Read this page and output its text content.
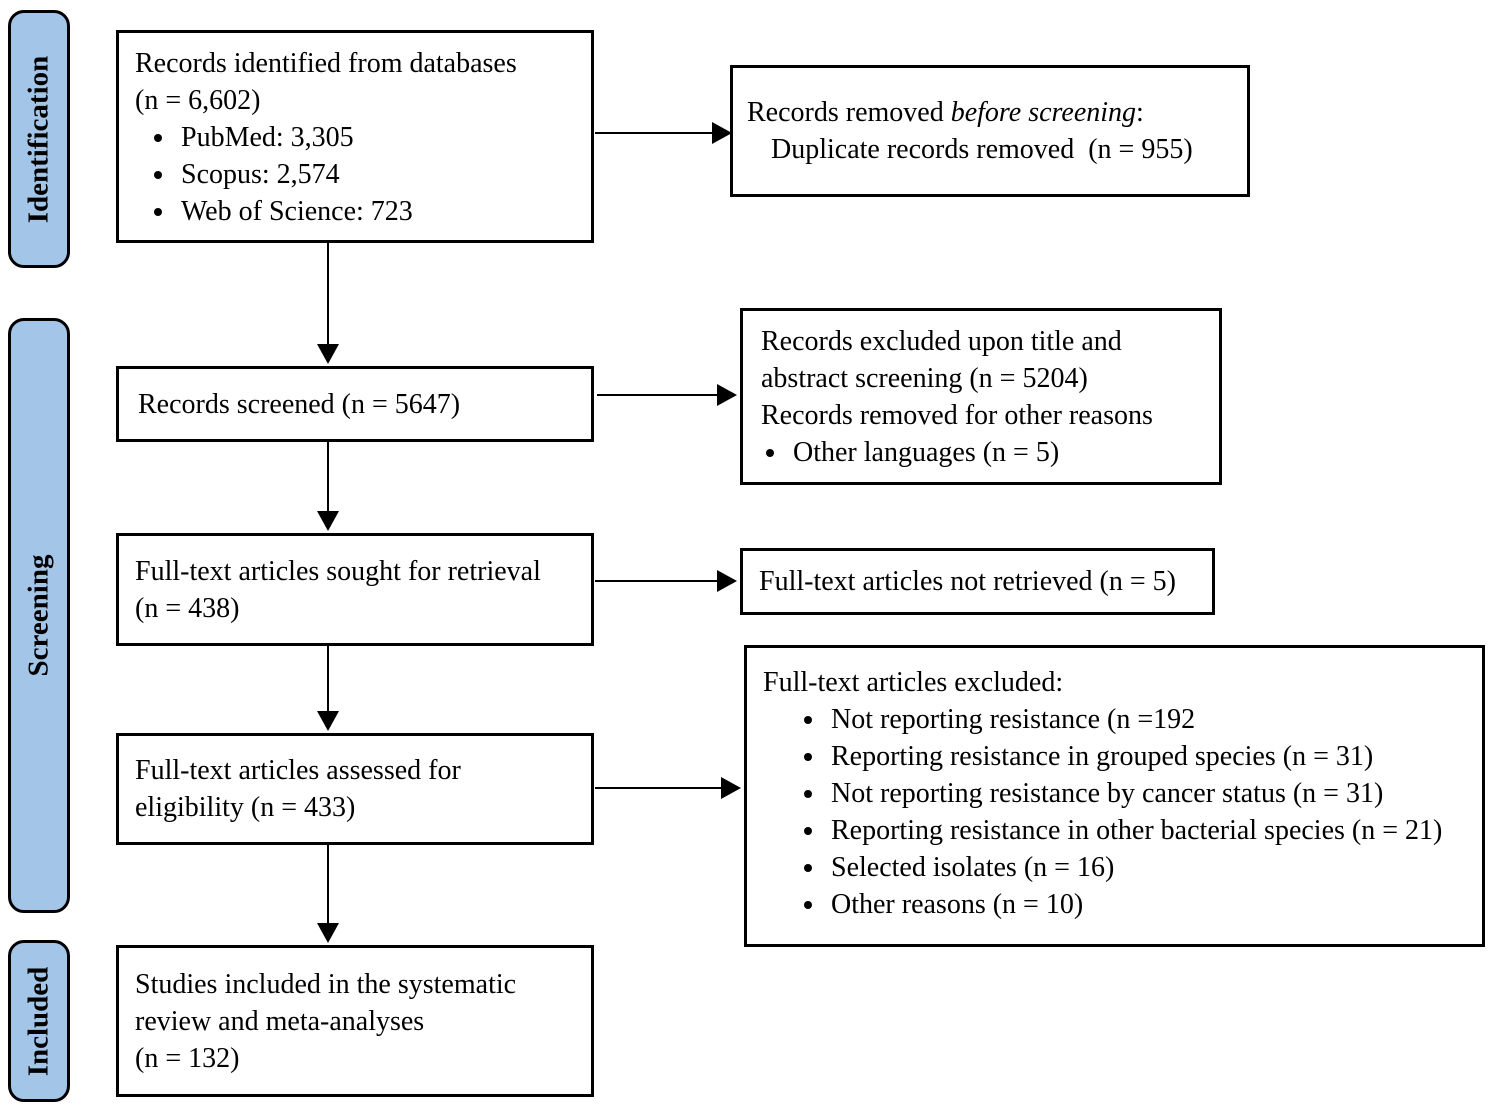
Identification
Screening
Included
Records identified from databases
(n = 6,602)
• PubMed: 3,305
• Scopus: 2,574
• Web of Science: 723
Records screened (n = 5647)
Full-text articles sought for retrieval
(n = 438)
Full-text articles assessed for
eligibility (n = 433)
Studies included in the systematic
review and meta-analyses
(n = 132)
Records removed before screening:
Duplicate records removed  (n = 955)
Records excluded upon title and
abstract screening (n = 5204)
Records removed for other reasons
• Other languages (n = 5)
Full-text articles not retrieved (n = 5)
Full-text articles excluded:
• Not reporting resistance (n =192
• Reporting resistance in grouped species (n = 31)
• Not reporting resistance by cancer status (n = 31)
• Reporting resistance in other bacterial species (n = 21)
• Selected isolates (n = 16)
• Other reasons (n = 10)
